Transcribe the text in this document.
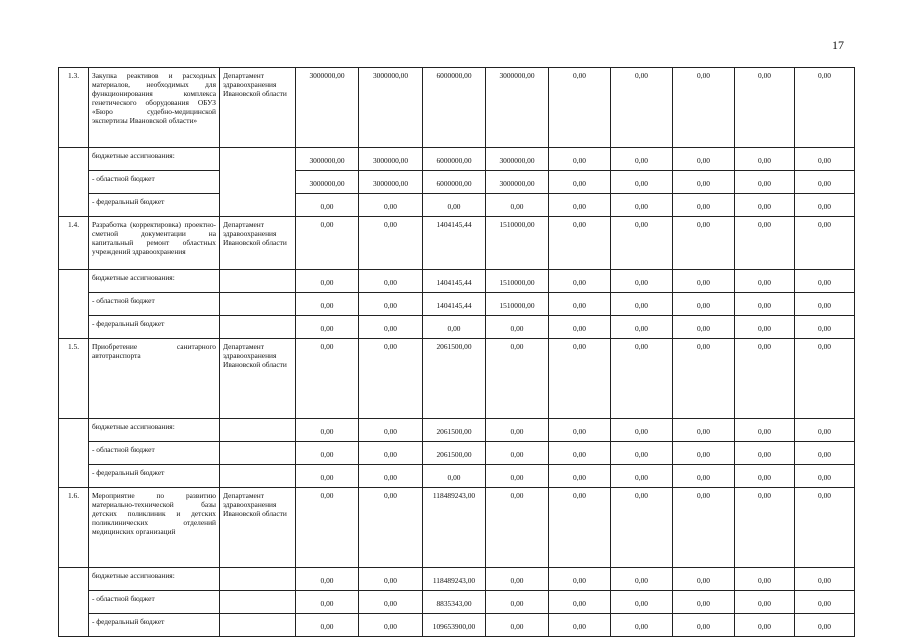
17
1.3.	Закупка реактивов и расходных материалов, необходимых для функционирования комплекса генетического оборудования ОБУЗ «Бюро судебно-медицинской экспертизы Ивановской области»	Департамент здравоохранения Ивановской области	3000000,00	3000000,00	6000000,00	3000000,00	0,00	0,00	0,00	0,00	0,00
	бюджетные ассигнования:		3000000,00	3000000,00	6000000,00	3000000,00	0,00	0,00	0,00	0,00	0,00
	- областной бюджет		3000000,00	3000000,00	6000000,00	3000000,00	0,00	0,00	0,00	0,00	0,00
	- федеральный бюджет		0,00	0,00	0,00	0,00	0,00	0,00	0,00	0,00	0,00
1.4.	Разработка (корректировка) проектно-сметной документации на капитальный ремонт областных учреждений здравоохранения	Департамент здравоохранения Ивановской области	0,00	0,00	1404145,44	1510000,00	0,00	0,00	0,00	0,00	0,00
	бюджетные ассигнования:		0,00	0,00	1404145,44	1510000,00	0,00	0,00	0,00	0,00	0,00
	- областной бюджет		0,00	0,00	1404145,44	1510000,00	0,00	0,00	0,00	0,00	0,00
	- федеральный бюджет		0,00	0,00	0,00	0,00	0,00	0,00	0,00	0,00	0,00
1.5.	Приобретение санитарного автотранспорта	Департамент здравоохранения Ивановской области	0,00	0,00	2061500,00	0,00	0,00	0,00	0,00	0,00	0,00
	бюджетные ассигнования:		0,00	0,00	2061500,00	0,00	0,00	0,00	0,00	0,00	0,00
	- областной бюджет		0,00	0,00	2061500,00	0,00	0,00	0,00	0,00	0,00	0,00
	- федеральный бюджет		0,00	0,00	0,00	0,00	0,00	0,00	0,00	0,00	0,00
1.6.	Мероприятие по развитию материально-технической базы детских поликлиник и детских поликлинических отделений медицинских организаций	Департамент здравоохранения Ивановской области	0,00	0,00	118489243,00	0,00	0,00	0,00	0,00	0,00	0,00
	бюджетные ассигнования:		0,00	0,00	118489243,00	0,00	0,00	0,00	0,00	0,00	0,00
	- областной бюджет		0,00	0,00	8835343,00	0,00	0,00	0,00	0,00	0,00	0,00
	- федеральный бюджет		0,00	0,00	109653900,00	0,00	0,00	0,00	0,00	0,00	0,00
